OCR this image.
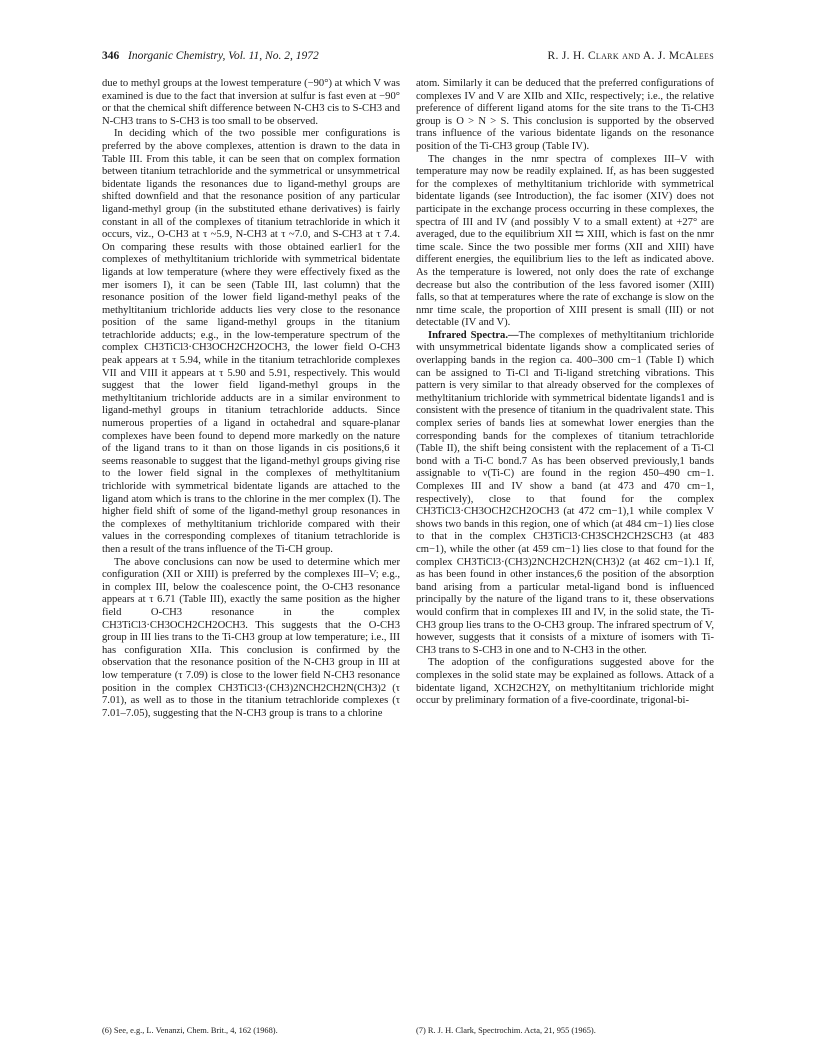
346 Inorganic Chemistry, Vol. 11, No. 2, 1972	R. J. H. Clark and A. J. McAlees

due to methyl groups at the lowest temperature (−90°) at which V was examined is due to the fact that inversion at sulfur is fast even at −90° or that the chemical shift difference between N-CH3 cis to S-CH3 and N-CH3 trans to S-CH3 is too small to be observed.

In deciding which of the two possible mer configurations is preferred by the above complexes, attention is drawn to the data in Table III. From this table, it can be seen that on complex formation between titanium tetrachloride and the symmetrical or unsymmetrical bidentate ligands the resonances due to ligand-methyl groups are shifted downfield and that the resonance position of any particular ligand-methyl group (in the substituted ethane derivatives) is fairly constant in all of the complexes of titanium tetrachloride in which it occurs, viz., O-CH3 at τ ~5.9, N-CH3 at τ ~7.0, and S-CH3 at τ 7.4. On comparing these results with those obtained earlier1 for the complexes of methyltitanium trichloride with symmetrical bidentate ligands at low temperature (where they were effectively fixed as the mer isomers I), it can be seen (Table III, last column) that the resonance position of the lower field ligand-methyl peaks of the methyltitanium trichloride adducts lies very close to the resonance position of the same ligand-methyl groups in the titanium tetrachloride adducts; e.g., in the low-temperature spectrum of the complex CH3TiCl3·CH3OCH2CH2OCH3, the lower field O-CH3 peak appears at τ 5.94, while in the titanium tetrachloride complexes VII and VIII it appears at τ 5.90 and 5.91, respectively. This would suggest that the lower field ligand-methyl groups in the methyltitanium trichloride adducts are in a similar environment to ligand-methyl groups in titanium tetrachloride adducts. Since numerous properties of a ligand in octahedral and square-planar complexes have been found to depend more markedly on the nature of the ligand trans to it than on those ligands in cis positions,6 it seems reasonable to suggest that the ligand-methyl groups giving rise to the lower field signal in the complexes of methyltitanium trichloride with symmetrical bidentate ligands are attached to the ligand atom which is trans to the chlorine in the mer complex (I). The higher field shift of some of the ligand-methyl group resonances in the complexes of methyltitanium trichloride compared with their values in the corresponding complexes of titanium tetrachloride is then a result of the trans influence of the Ti-CH group.

The above conclusions can now be used to determine which mer configuration (XII or XIII) is preferred by the complexes III–V; e.g., in complex III, below the coalescence point, the O-CH3 resonance appears at τ 6.71 (Table III), exactly the same position as the higher field O-CH3 resonance in the complex CH3TiCl3·CH3OCH2CH2OCH3. This suggests that the O-CH3 group in III lies trans to the Ti-CH3 group at low temperature; i.e., III has configuration XIIa. This conclusion is confirmed by the observation that the resonance position of the N-CH3 group in III at low temperature (τ 7.09) is close to the lower field N-CH3 resonance position in the complex CH3TiCl3·(CH3)2NCH2CH2N(CH3)2 (τ 7.01), as well as to those in the titanium tetrachloride complexes (τ 7.01–7.05), suggesting that the N-CH3 group is trans to a chlorine

atom. Similarly it can be deduced that the preferred configurations of complexes IV and V are XIIb and XIIc, respectively; i.e., the relative preference of different ligand atoms for the site trans to the Ti-CH3 group is O > N > S. This conclusion is supported by the observed trans influence of the various bidentate ligands on the resonance position of the Ti-CH3 group (Table IV).

The changes in the nmr spectra of complexes III–V with temperature may now be readily explained. If, as has been suggested for the complexes of methyltitanium trichloride with symmetrical bidentate ligands (see Introduction), the fac isomer (XIV) does not participate in the exchange process occurring in these complexes, the spectra of III and IV (and possibly V to a small extent) at +27° are averaged, due to the equilibrium XII ⇆ XIII, which is fast on the nmr time scale. Since the two possible mer forms (XII and XIII) have different energies, the equilibrium lies to the left as indicated above. As the temperature is lowered, not only does the rate of exchange decrease but also the contribution of the less favored isomer (XIII) falls, so that at temperatures where the rate of exchange is slow on the nmr time scale, the proportion of XIII present is small (III) or not detectable (IV and V).

Infrared Spectra.—The complexes of methyltitanium trichloride with unsymmetrical bidentate ligands show a complicated series of overlapping bands in the region ca. 400–300 cm−1 (Table I) which can be assigned to Ti-Cl and Ti-ligand stretching vibrations. This pattern is very similar to that already observed for the complexes of methyltitanium trichloride with symmetrical bidentate ligands1 and is consistent with the presence of titanium in the quadrivalent state. This complex series of bands lies at somewhat lower energies than the corresponding bands for the complexes of titanium tetrachloride (Table II), the shift being consistent with the replacement of a Ti-Cl bond with a Ti-C bond.7 As has been observed previously,1 bands assignable to ν(Ti-C) are found in the region 450–490 cm−1. Complexes III and IV show a band (at 473 and 470 cm−1, respectively), close to that found for the complex CH3TiCl3·CH3OCH2CH2OCH3 (at 472 cm−1),1 while complex V shows two bands in this region, one of which (at 484 cm−1) lies close to that in the complex CH3TiCl3·CH3SCH2CH2SCH3 (at 483 cm−1), while the other (at 459 cm−1) lies close to that found for the complex CH3TiCl3·(CH3)2NCH2CH2N(CH3)2 (at 462 cm−1).1 If, as has been found in other instances,6 the position of the absorption band arising from a particular metal-ligand bond is influenced principally by the nature of the ligand trans to it, these observations would confirm that in complexes III and IV, in the solid state, the Ti-CH3 group lies trans to the O-CH3 group. The infrared spectrum of V, however, suggests that it consists of a mixture of isomers with Ti-CH3 trans to S-CH3 in one and to N-CH3 in the other.

The adoption of the configurations suggested above for the complexes in the solid state may be explained as follows. Attack of a bidentate ligand, XCH2CH2Y, on methyltitanium trichloride might occur by preliminary formation of a five-coordinate, trigonal-bi-

(6) See, e.g., L. Venanzi, Chem. Brit., 4, 162 (1968).	(7) R. J. H. Clark, Spectrochim. Acta, 21, 955 (1965).
